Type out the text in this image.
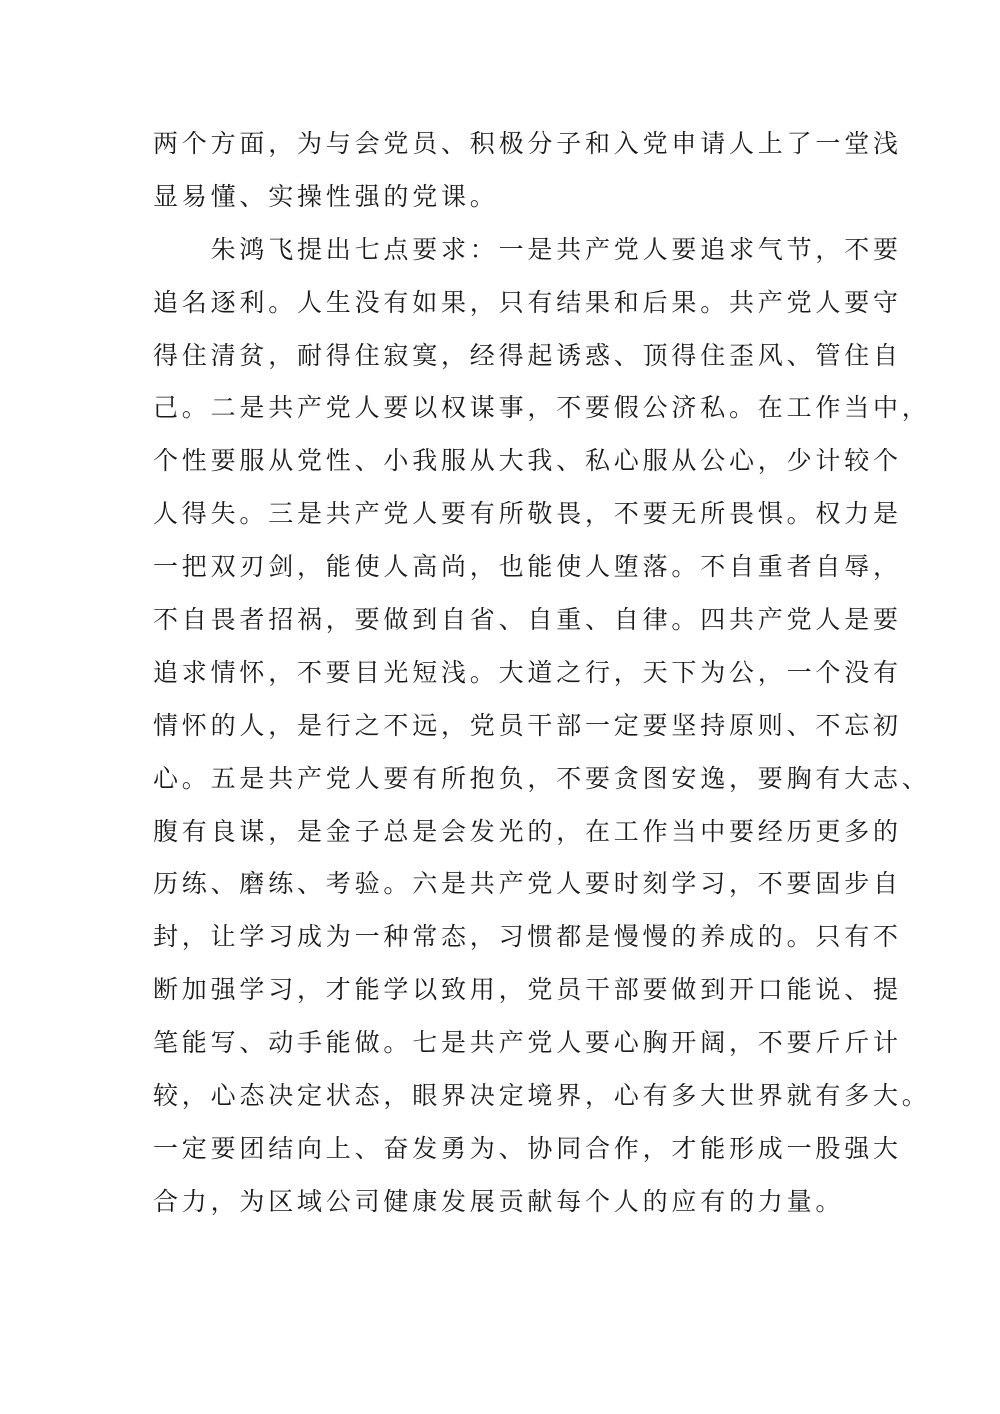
两个方面，为与会党员、积极分子和入党申请人上了一堂浅
显易懂、实操性强的党课。
　　朱鸿飞提出七点要求：一是共产党人要追求气节，不要
追名逐利。人生没有如果，只有结果和后果。共产党人要守
得住清贫，耐得住寂寞，经得起诱惑、顶得住歪风、管住自
己。二是共产党人要以权谋事，不要假公济私。在工作当中，
个性要服从党性、小我服从大我、私心服从公心，少计较个
人得失。三是共产党人要有所敬畏，不要无所畏惧。权力是
一把双刃剑，能使人高尚，也能使人堕落。不自重者自辱，
不自畏者招祸，要做到自省、自重、自律。四共产党人是要
追求情怀，不要目光短浅。大道之行，天下为公，一个没有
情怀的人，是行之不远，党员干部一定要坚持原则、不忘初
心。五是共产党人要有所抱负，不要贪图安逸，要胸有大志、
腹有良谋，是金子总是会发光的，在工作当中要经历更多的
历练、磨练、考验。六是共产党人要时刻学习，不要固步自
封，让学习成为一种常态，习惯都是慢慢的养成的。只有不
断加强学习，才能学以致用，党员干部要做到开口能说、提
笔能写、动手能做。七是共产党人要心胸开阔，不要斤斤计
较，心态决定状态，眼界决定境界，心有多大世界就有多大。
一定要团结向上、奋发勇为、协同合作，才能形成一股强大
合力，为区域公司健康发展贡献每个人的应有的力量。
